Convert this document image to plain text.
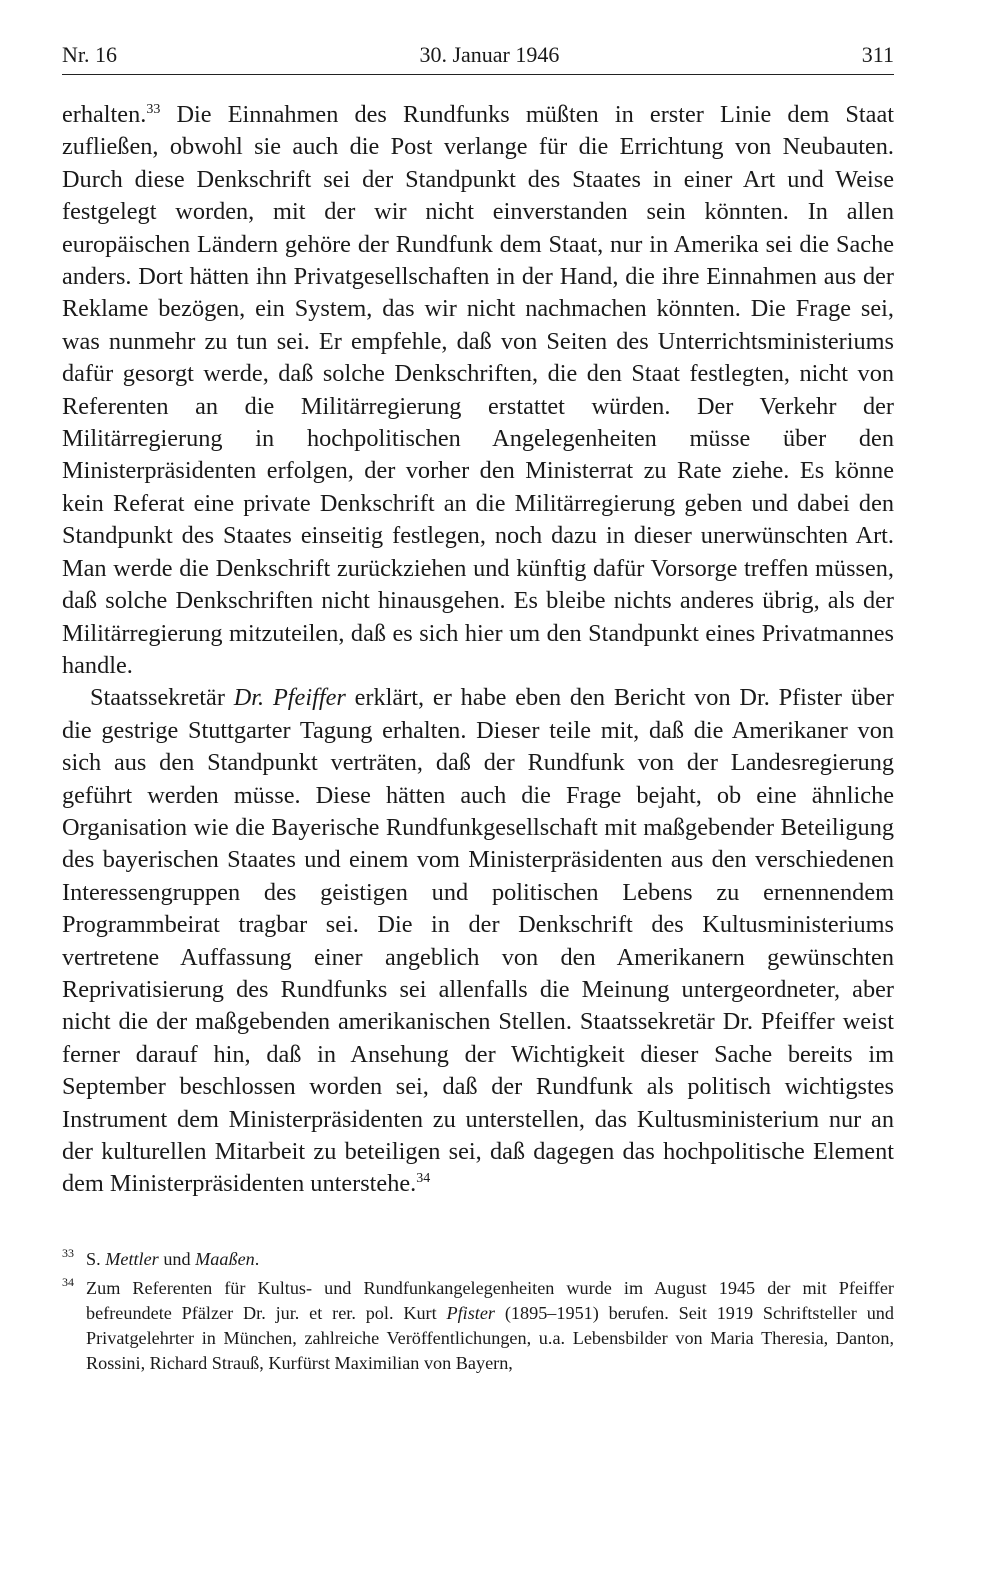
Nr. 16	30. Januar 1946	311

erhalten.$^{33}$ Die Einnahmen des Rundfunks müßten in erster Linie dem Staat zufließen, obwohl sie auch die Post verlange für die Errichtung von Neubauten. Durch diese Denkschrift sei der Standpunkt des Staates in einer Art und Weise festgelegt worden, mit der wir nicht einverstanden sein könnten. In allen europäischen Ländern gehöre der Rundfunk dem Staat, nur in Amerika sei die Sache anders. Dort hätten ihn Privatgesellschaften in der Hand, die ihre Einnahmen aus der Reklame bezögen, ein System, das wir nicht nachmachen könnten. Die Frage sei, was nunmehr zu tun sei. Er empfehle, daß von Seiten des Unterrichtsministeriums dafür gesorgt werde, daß solche Denkschriften, die den Staat festlegten, nicht von Referenten an die Militärregierung erstattet würden. Der Verkehr der Militärregierung in hochpolitischen Angelegenheiten müsse über den Ministerpräsidenten erfolgen, der vorher den Ministerrat zu Rate ziehe. Es könne kein Referat eine private Denkschrift an die Militärregierung geben und dabei den Standpunkt des Staates einseitig festlegen, noch dazu in dieser unerwünschten Art. Man werde die Denkschrift zurückziehen und künftig dafür Vorsorge treffen müssen, daß solche Denkschriften nicht hinausgehen. Es bleibe nichts anderes übrig, als der Militärregierung mitzuteilen, daß es sich hier um den Standpunkt eines Privatmannes handle.

Staatssekretär Dr. Pfeiffer erklärt, er habe eben den Bericht von Dr. Pfister über die gestrige Stuttgarter Tagung erhalten. Dieser teile mit, daß die Amerikaner von sich aus den Standpunkt verträten, daß der Rundfunk von der Landesregierung geführt werden müsse. Diese hätten auch die Frage bejaht, ob eine ähnliche Organisation wie die Bayerische Rundfunkgesellschaft mit maßgebender Beteiligung des bayerischen Staates und einem vom Ministerpräsidenten aus den verschiedenen Interessengruppen des geistigen und politischen Lebens zu ernennendem Programmbeirat tragbar sei. Die in der Denkschrift des Kultusministeriums vertretene Auffassung einer angeblich von den Amerikanern gewünschten Reprivatisierung des Rundfunks sei allenfalls die Meinung untergeordneter, aber nicht die der maßgebenden amerikanischen Stellen. Staatssekretär Dr. Pfeiffer weist ferner darauf hin, daß in Ansehung der Wichtigkeit dieser Sache bereits im September beschlossen worden sei, daß der Rundfunk als politisch wichtigstes Instrument dem Ministerpräsidenten zu unterstellen, das Kultusministerium nur an der kulturellen Mitarbeit zu beteiligen sei, daß dagegen das hochpolitische Element dem Ministerpräsidenten unterstehe.$^{34}$

33 S. Mettler und Maaßen.

34 Zum Referenten für Kultus- und Rundfunkangelegenheiten wurde im August 1945 der mit Pfeiffer befreundete Pfälzer Dr. jur. et rer. pol. Kurt Pfister (1895–1951) berufen. Seit 1919 Schriftsteller und Privatgelehrter in München, zahlreiche Veröffentlichungen, u.a. Lebensbilder von Maria Theresia, Danton, Rossini, Richard Strauß, Kurfürst Maximilian von Bayern,
